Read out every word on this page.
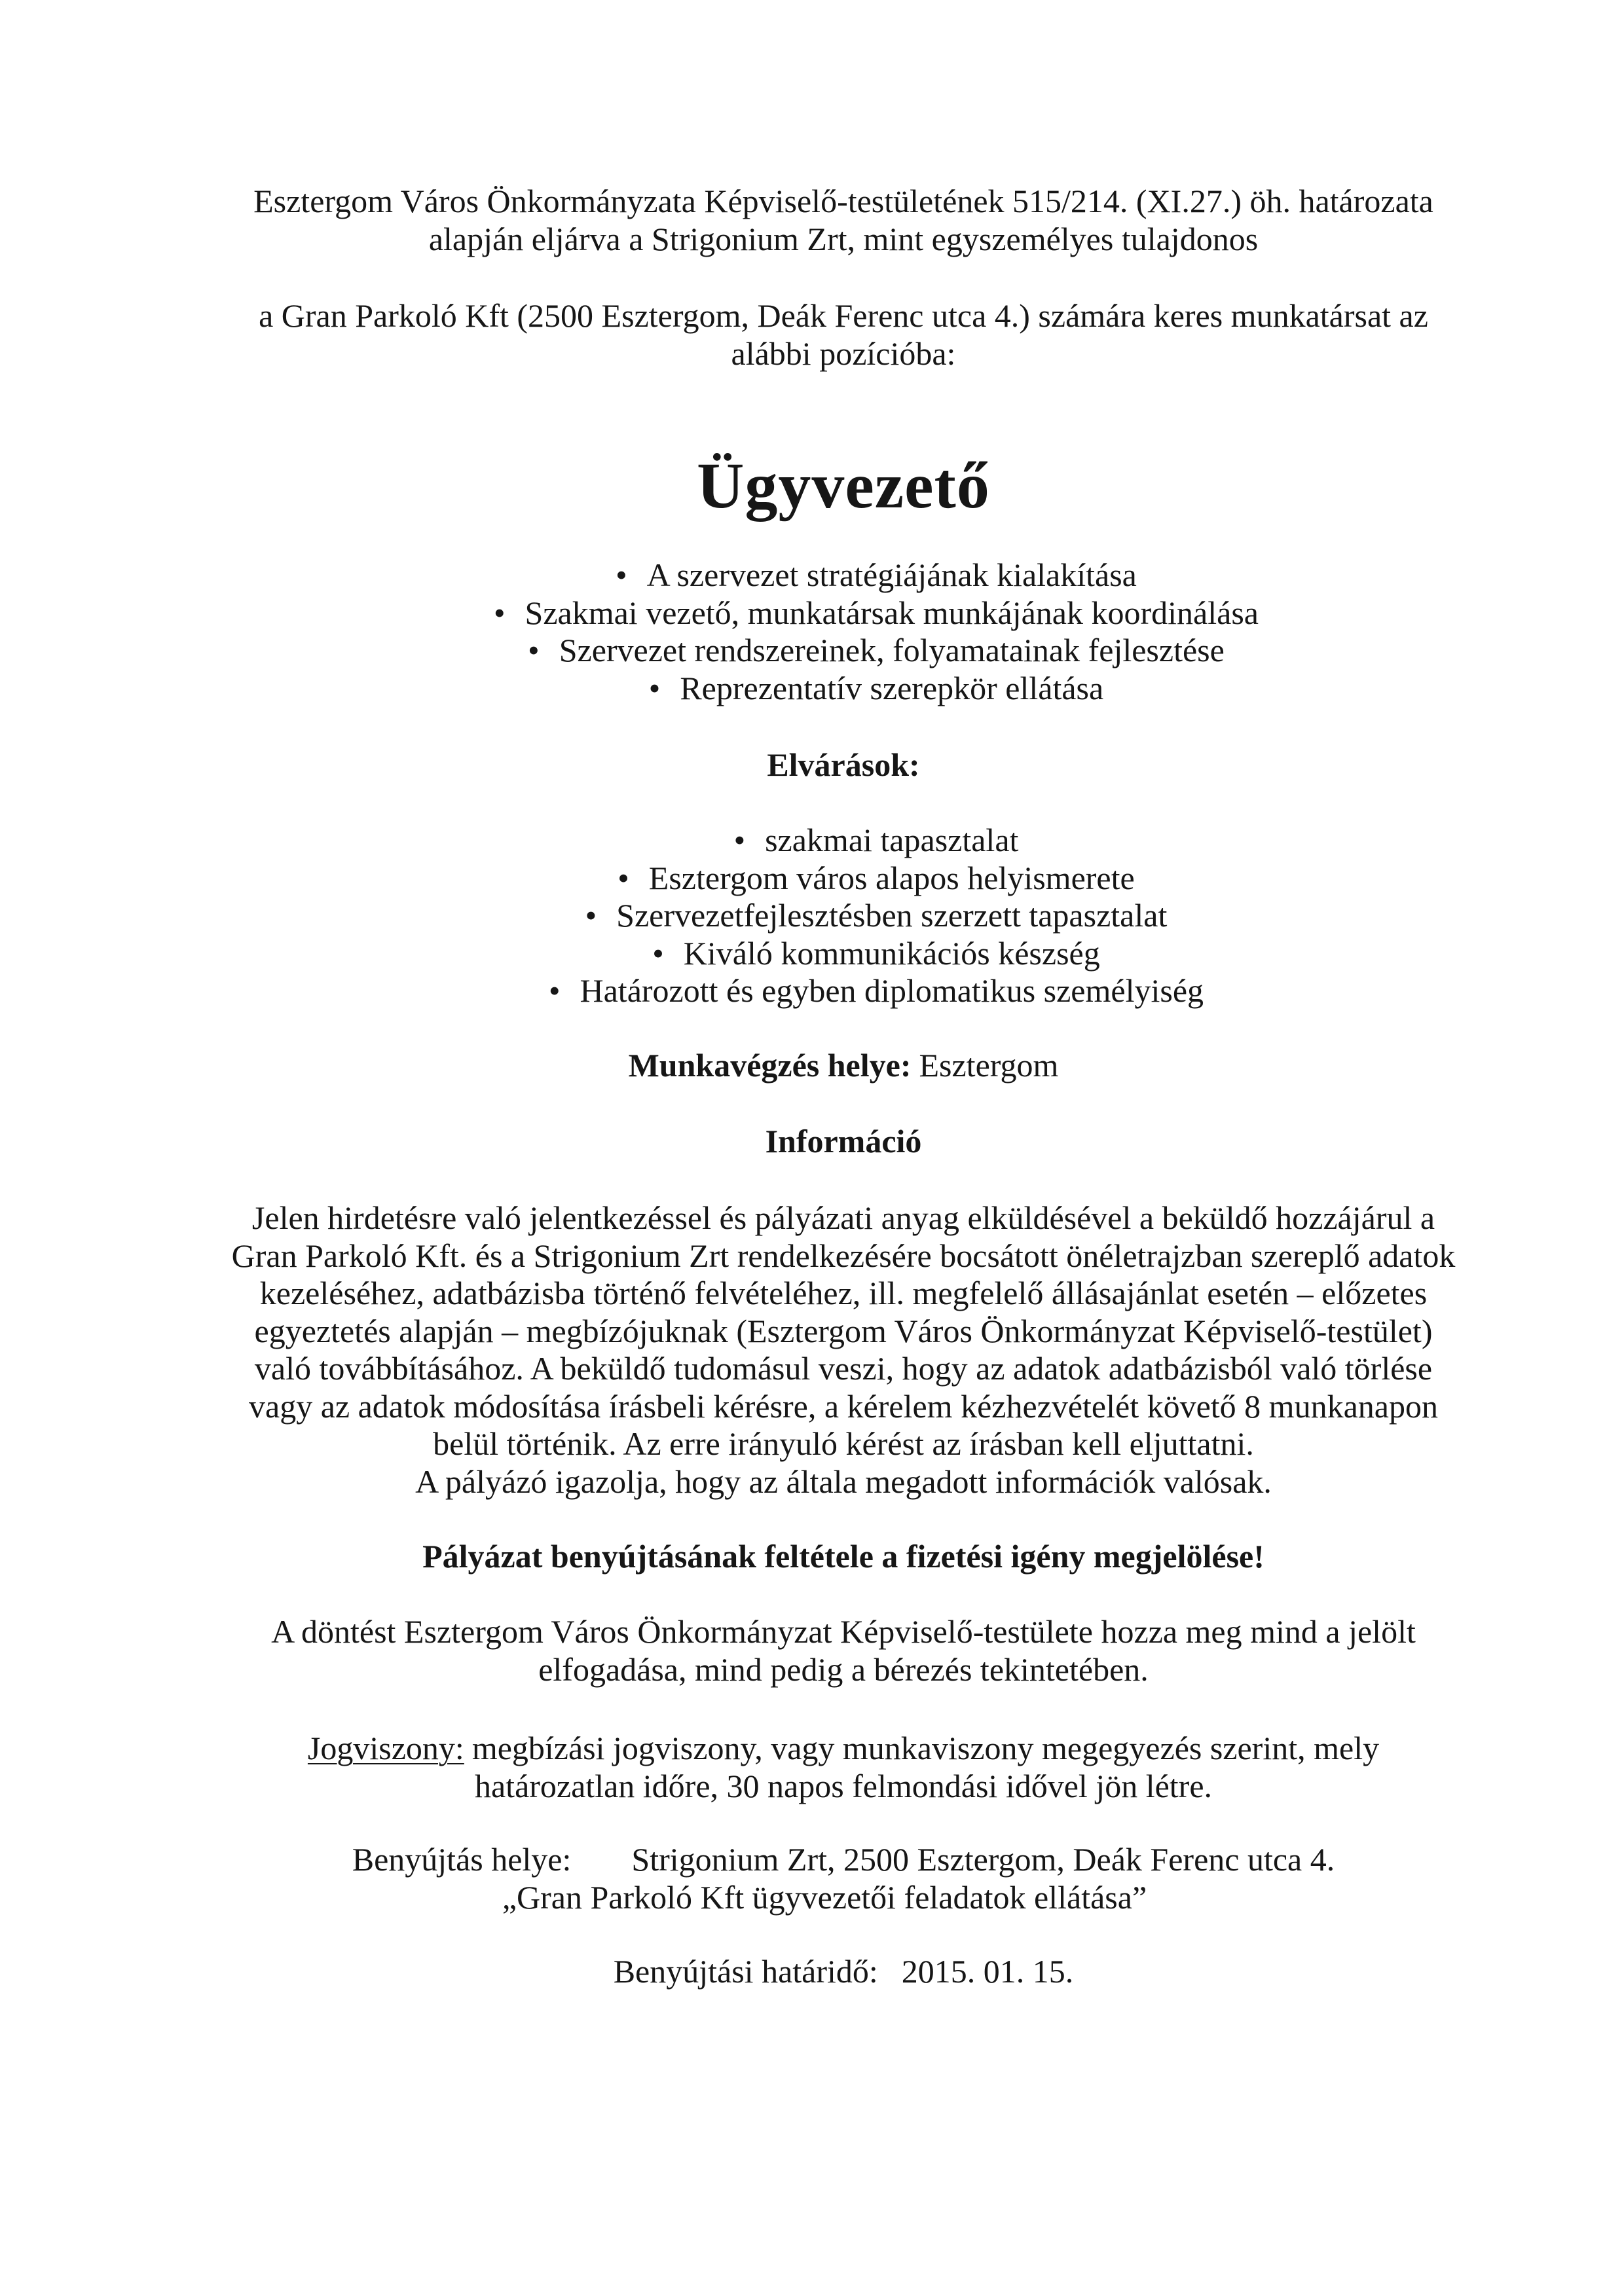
Esztergom Város Önkormányzata Képviselő-testületének 515/214. (XI.27.) öh. határozata
alapján eljárva a Strigonium Zrt, mint egyszemélyes tulajdonos
a Gran Parkoló Kft (2500 Esztergom, Deák Ferenc utca 4.) számára keres munkatársat az
alábbi pozícióba:
Ügyvezető
•A szervezet stratégiájának kialakítása
•Szakmai vezető, munkatársak munkájának koordinálása
•Szervezet rendszereinek, folyamatainak fejlesztése
•Reprezentatív szerepkör ellátása
Elvárások:
•szakmai tapasztalat
•Esztergom város alapos helyismerete
•Szervezetfejlesztésben szerzett tapasztalat
•Kiváló kommunikációs készség
•Határozott és egyben diplomatikus személyiség
Munkavégzés helye: Esztergom
Információ
Jelen hirdetésre való jelentkezéssel és pályázati anyag elküldésével a beküldő hozzájárul a
Gran Parkoló Kft. és a Strigonium Zrt rendelkezésére bocsátott önéletrajzban szereplő adatok
kezeléséhez, adatbázisba történő felvételéhez, ill. megfelelő állásajánlat esetén – előzetes
egyeztetés alapján – megbízójuknak (Esztergom Város Önkormányzat Képviselő-testület)
való továbbításához. A beküldő tudomásul veszi, hogy az adatok adatbázisból való törlése
vagy az adatok módosítása írásbeli kérésre, a kérelem kézhezvételét követő 8 munkanapon
belül történik. Az erre irányuló kérést az írásban kell eljuttatni.
A pályázó igazolja, hogy az általa megadott információk valósak.
Pályázat benyújtásának feltétele a fizetési igény megjelölése!
A döntést Esztergom Város Önkormányzat Képviselő-testülete hozza meg mind a jelölt
elfogadása, mind pedig a bérezés tekintetében.
Jogviszony: megbízási jogviszony, vagy munkaviszony megegyezés szerint, mely
határozatlan időre, 30 napos felmondási idővel jön létre.
Benyújtás helye: Strigonium Zrt, 2500 Esztergom, Deák Ferenc utca 4.
„Gran Parkoló Kft ügyvezetői feladatok ellátása”
Benyújtási határidő: 2015. 01. 15.
